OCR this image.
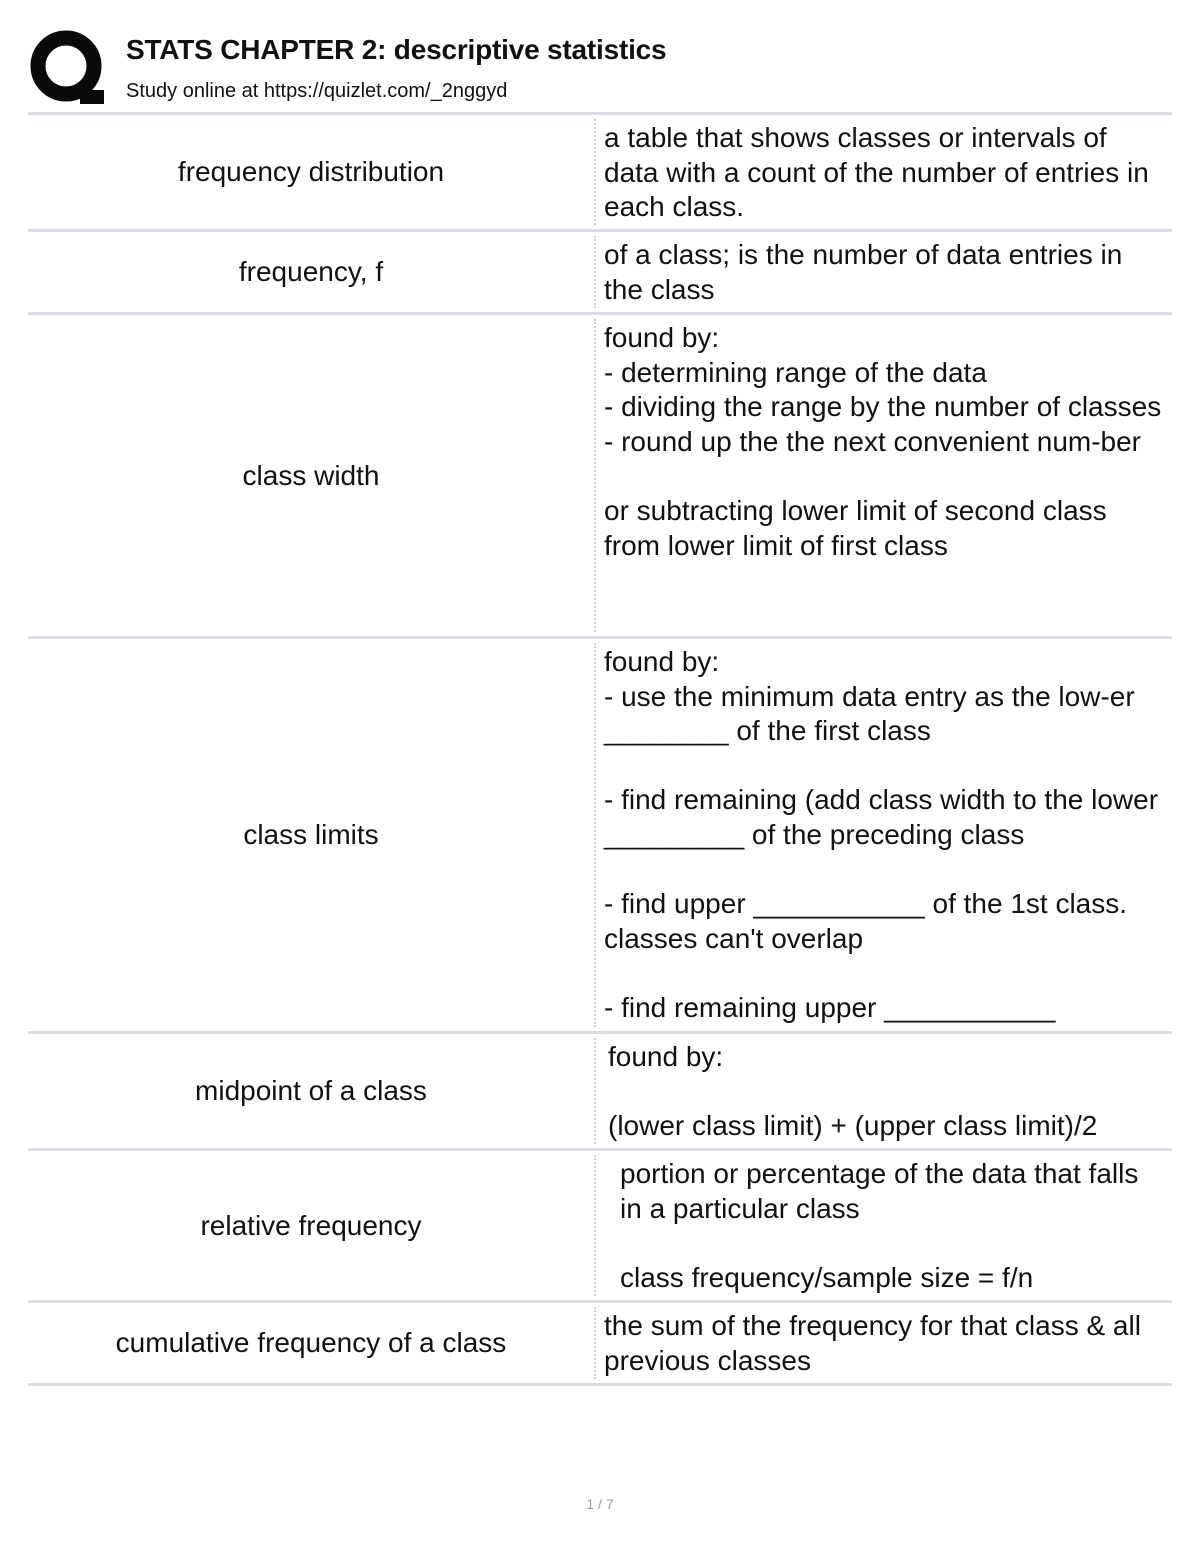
STATS CHAPTER 2: descriptive statistics
Study online at https://quizlet.com/_2nggyd
frequency distribution
a table that shows classes or intervals of data with a count of the number of entries in each class.
frequency, f
of a class; is the number of data entries in the class
class width
found by:
- determining range of the data
- dividing the range by the number of classes
- round up the the next convenient num-ber

or subtracting lower limit of second class from lower limit of first class
class limits
found by:
- use the minimum data entry as the low-er ________ of the first class

- find remaining (add class width to the lower _________ of the preceding class

- find upper ___________ of the 1st class. classes can't overlap

- find remaining upper ___________
midpoint of a class
found by:

(lower class limit) + (upper class limit)/2
relative frequency
portion or percentage of the data that falls in a particular class

class frequency/sample size = f/n
cumulative frequency of a class
the sum of the frequency for that class & all previous classes
1 / 7
